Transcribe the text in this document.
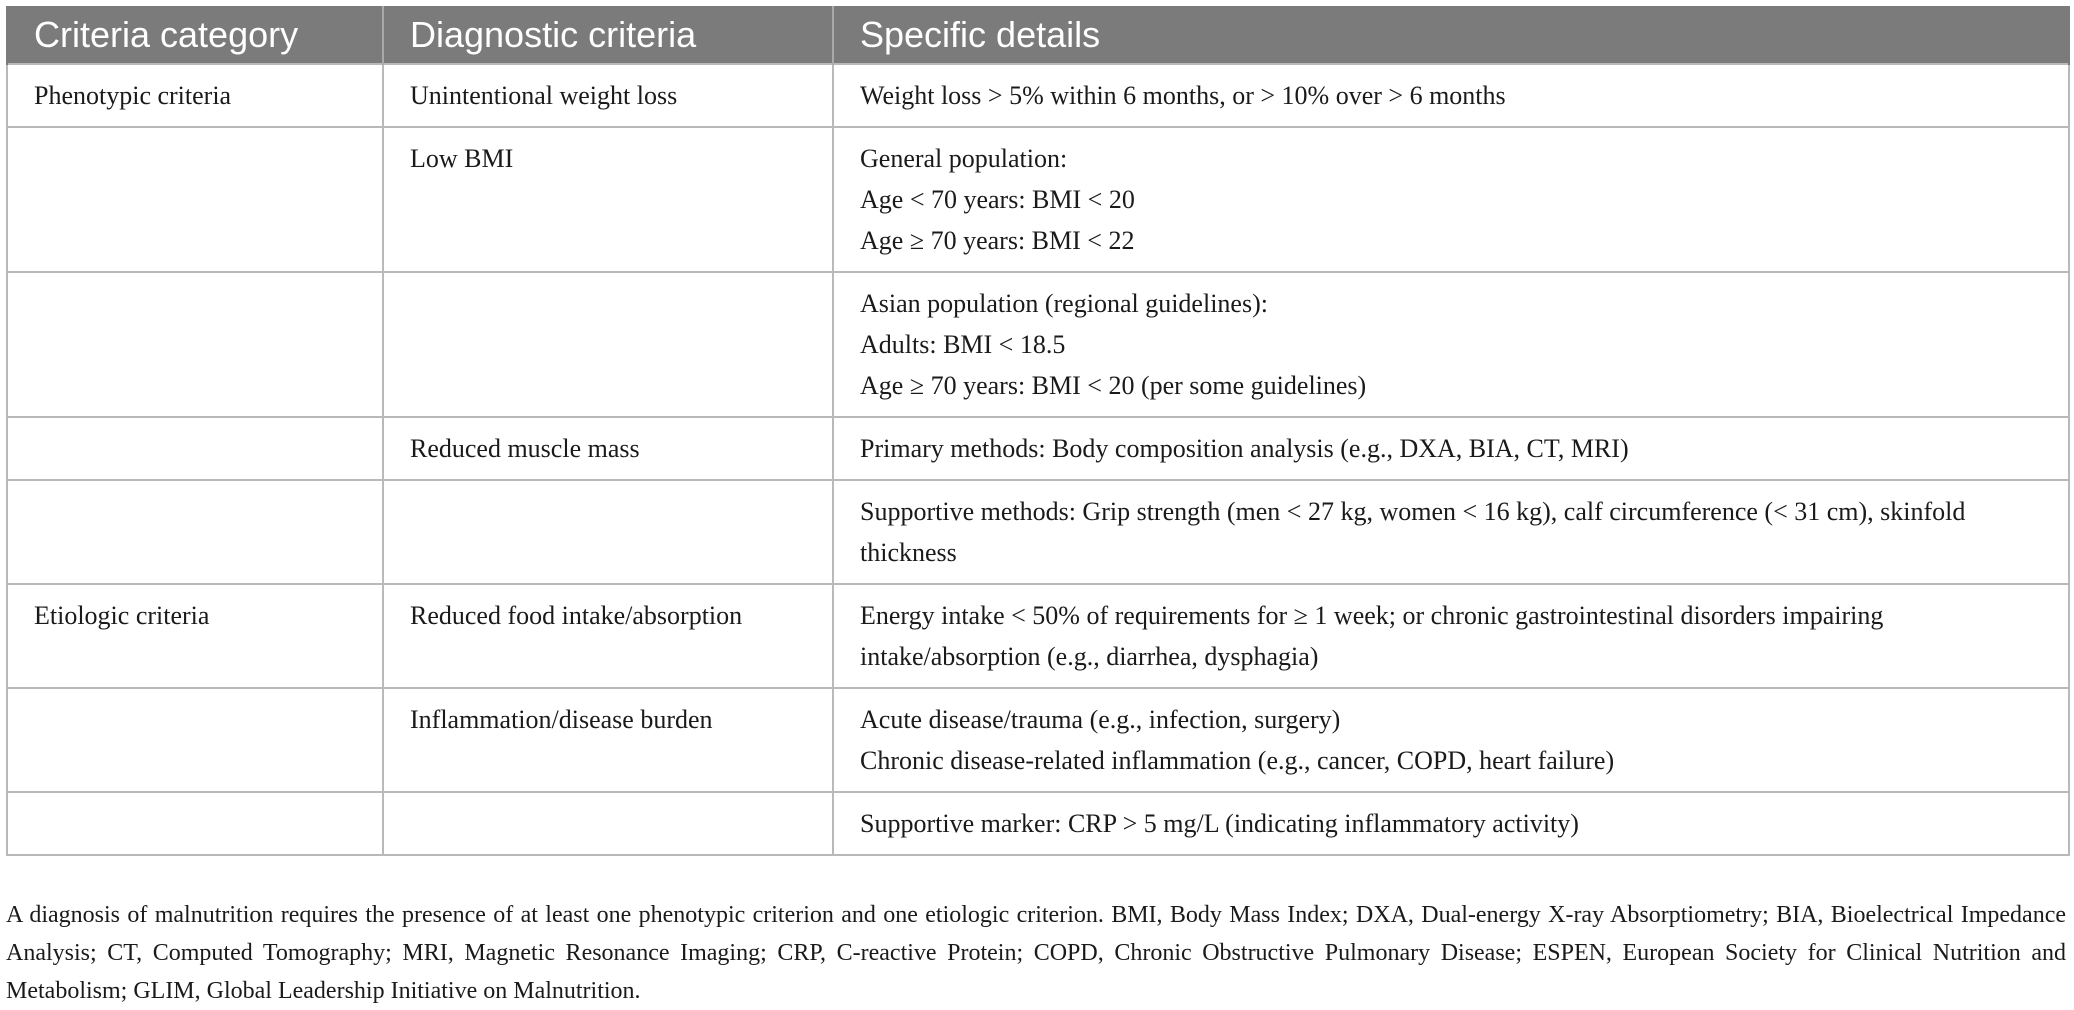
Criteria category	Diagnostic criteria	Specific details
Phenotypic criteria	Unintentional weight loss	Weight loss > 5% within 6 months, or > 10% over > 6 months

	Low BMI	General population:
Age < 70 years: BMI < 20
Age ≥ 70 years: BMI < 22

		Asian population (regional guidelines):
Adults: BMI < 18.5
Age ≥ 70 years: BMI < 20 (per some guidelines)

	Reduced muscle mass	Primary methods: Body composition analysis (e.g., DXA, BIA, CT, MRI)

		Supportive methods: Grip strength (men < 27 kg, women < 16 kg), calf circumference (< 31 cm), skinfold thickness

Etiologic criteria	Reduced food intake/absorption	Energy intake < 50% of requirements for ≥ 1 week; or chronic gastrointestinal disorders impairing intake/absorption (e.g., diarrhea, dysphagia)

	Inflammation/disease burden	Acute disease/trauma (e.g., infection, surgery)
Chronic disease-related inflammation (e.g., cancer, COPD, heart failure)

		Supportive marker: CRP > 5 mg/L (indicating inflammatory activity)

A diagnosis of malnutrition requires the presence of at least one phenotypic criterion and one etiologic criterion. BMI, Body Mass Index; DXA, Dual-energy X-ray Absorptiometry; BIA, Bioelectrical Impedance Analysis; CT, Computed Tomography; MRI, Magnetic Resonance Imaging; CRP, C-reactive Protein; COPD, Chronic Obstructive Pulmonary Disease; ESPEN, European Society for Clinical Nutrition and Metabolism; GLIM, Global Leadership Initiative on Malnutrition.
